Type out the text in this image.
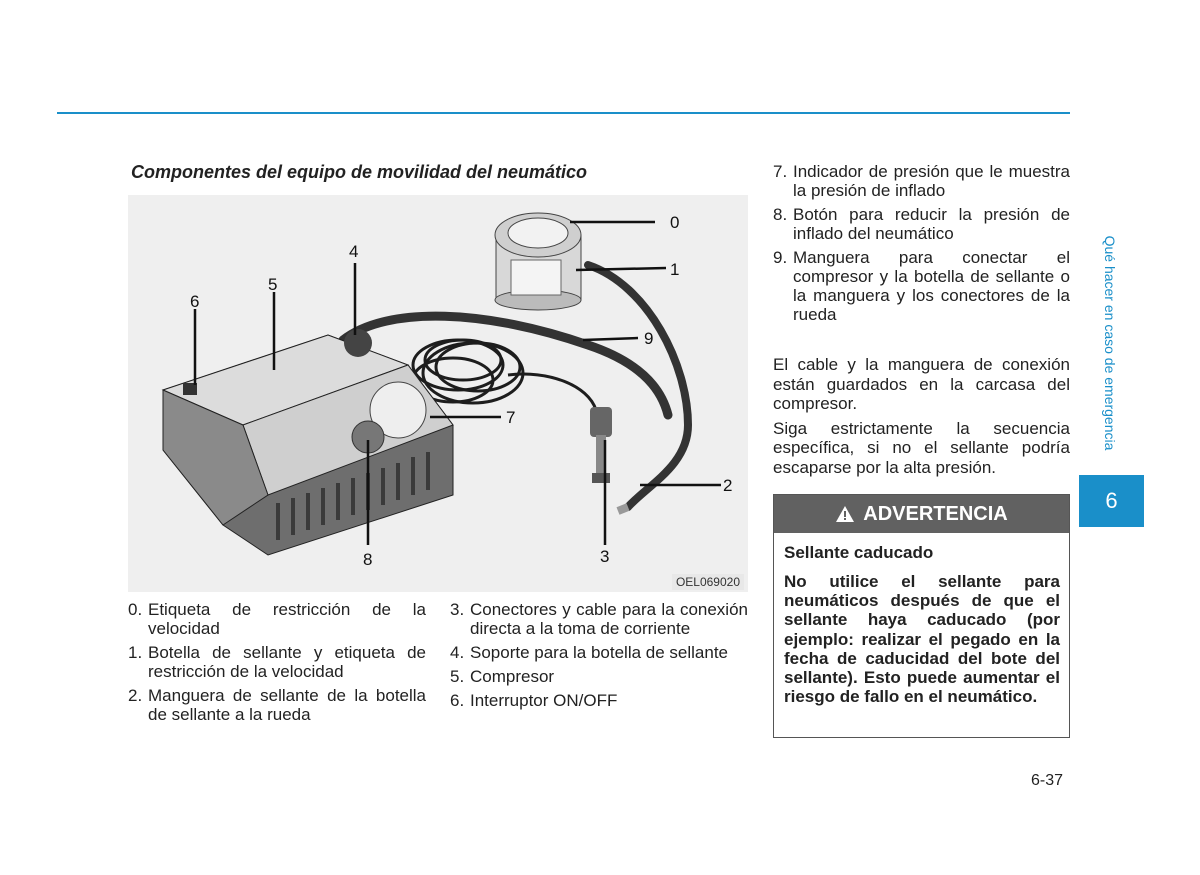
Componentes del equipo de movilidad del neumático
0
1
2
3
4
5
6
7
8
9
OEL069020
0. Etiqueta de restricción de la velocidad
1. Botella de sellante y etiqueta de restricción de la velocidad
2. Manguera de sellante de la botella de sellante a la rueda
3. Conectores y cable para la conexión directa a la toma de corriente
4. Soporte para la botella de sellante
5. Compresor
6. Interruptor ON/OFF
7. Indicador de presión que le muestra la presión de inflado
8. Botón para reducir la presión de inflado del neumático
9. Manguera para conectar el compresor y la botella de sellante o la manguera y los conectores de la rueda

El cable y la manguera de conexión están guardados en la carcasa del compresor.

Siga estrictamente la secuencia específica, si no el sellante podría escaparse por la alta presión.

ADVERTENCIA
Sellante caducado
No utilice el sellante para neumáticos después de que el sellante haya caducado (por ejemplo: realizar el pegado en la fecha de caducidad del bote del sellante). Esto puede aumentar el riesgo de fallo en el neumático.
Qué hacer en caso de emergencia
6
6-37
